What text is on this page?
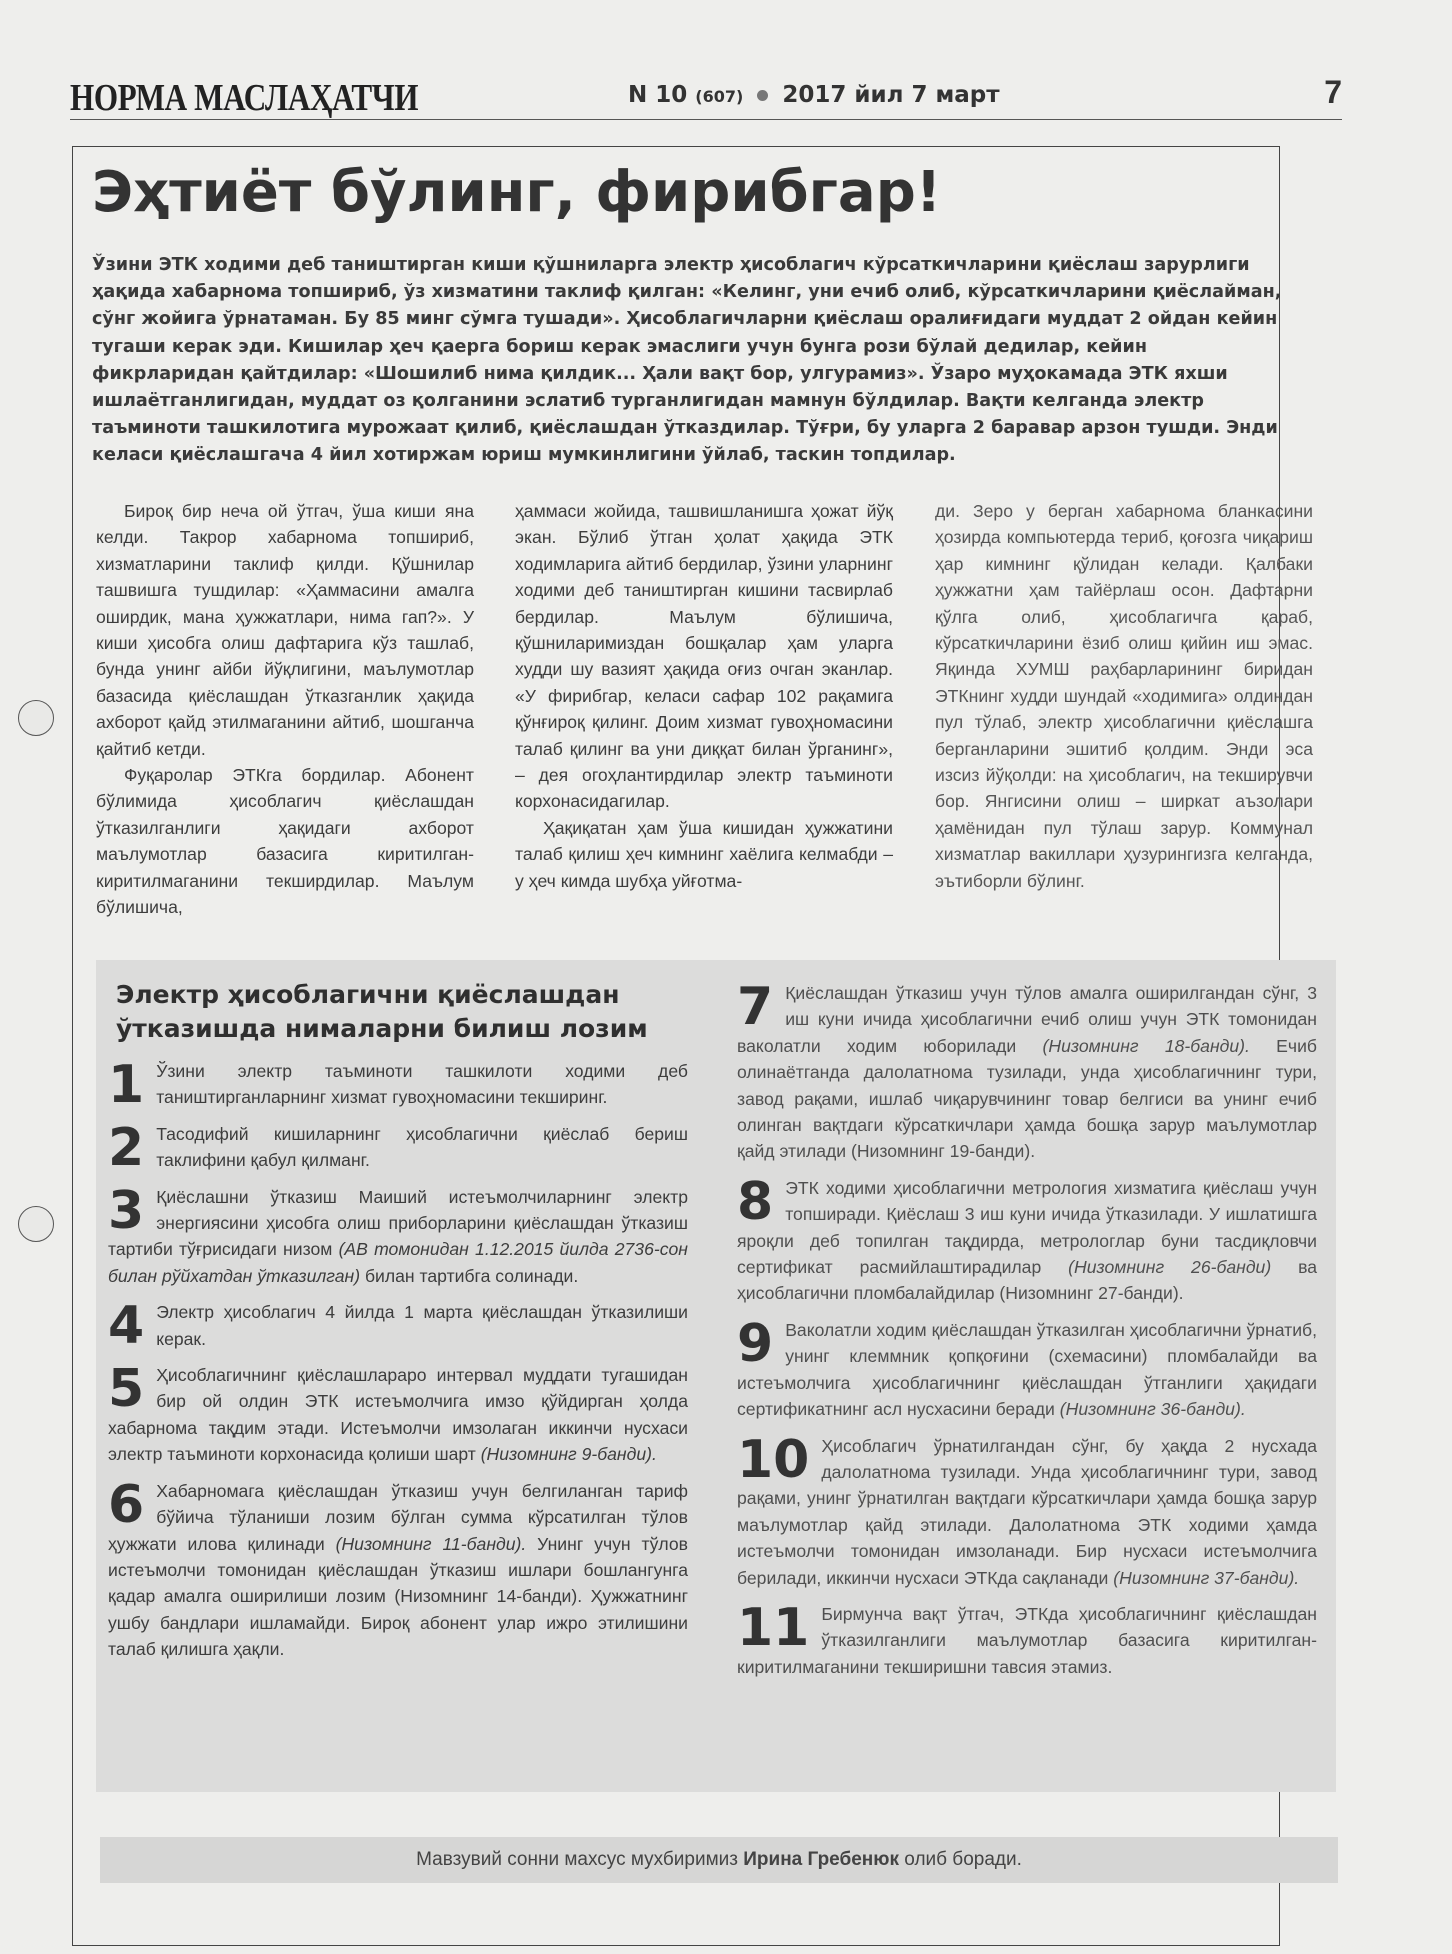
НОРМА МАСЛАҲАТЧИ	N 10 (607) 2017 йил 7 март	7
Эҳтиёт бўлинг, фирибгар!
Ўзини ЭТК ходими деб таништирган киши қўшниларга электр ҳисоблагич кўрсаткичларини қиёслаш зарурлиги ҳақида хабарнома топшириб, ўз хизматини таклиф қилган: «Келинг, уни ечиб олиб, кўрсаткичларини қиёслайман, сўнг жойига ўрнатаман. Бу 85 минг сўмга тушади». Ҳисоблагичларни қиёслаш оралиғидаги муддат 2 ойдан кейин тугаши керак эди. Кишилар ҳеч қаерга бориш керак эмаслиги учун бунга рози бўлай дедилар, кейин фикрларидан қайтдилар: «Шошилиб нима қилдик... Ҳали вақт бор, улгурамиз». Ўзаро муҳокамада ЭТК яхши ишлаётганлигидан, муддат оз қолганини эслатиб турганлигидан мамнун бўлдилар. Вақти келганда электр таъминоти ташкилотига мурожаат қилиб, қиёслашдан ўтказдилар. Тўғри, бу уларга 2 баравар арзон тушди. Энди келаси қиёслашгача 4 йил хотиржам юриш мумкинлигини ўйлаб, таскин топдилар.

Бироқ бир неча ой ўтгач, ўша киши яна келди. Такрор хабарнома топшириб, хизматларини таклиф қилди. Қўшнилар ташвишга тушдилар: «Ҳаммасини амалга оширдик, мана ҳужжатлари, нима гап?». У киши ҳисобга олиш дафтарига кўз ташлаб, бунда унинг айби йўқлигини, маълумотлар базасида қиёслашдан ўтказганлик ҳақида ахборот қайд этилмаганини айтиб, шошганча қайтиб кетди.

Фуқаролар ЭТКга бордилар. Абонент бўлимида ҳисоблагич қиёслашдан ўтказилганлиги ҳақидаги ахборот маълумотлар базасига киритилган-киритилмаганини текширдилар. Маълум бўлишича,

ҳаммаси жойида, ташвишланишга ҳожат йўқ экан. Бўлиб ўтган ҳолат ҳақида ЭТК ходимларига айтиб бердилар, ўзини уларнинг ходими деб таништирган кишини тасвирлаб бердилар. Маълум бўлишича, қўшниларимиздан бошқалар ҳам уларга худди шу вазият ҳақида оғиз очган эканлар. «У фирибгар, келаси сафар 102 рақамига қўнғироқ қилинг. Доим хизмат гувоҳномасини талаб қилинг ва уни диққат билан ўрганинг», – дея огоҳлантирдилар электр таъминоти корхонасидагилар.

Ҳақиқатан ҳам ўша кишидан ҳужжатини талаб қилиш ҳеч кимнинг хаёлига келмабди – у ҳеч кимда шубҳа уйғотма-

ди. Зеро у берган хабарнома бланкасини ҳозирда компьютерда териб, қоғозга чиқариш ҳар кимнинг қўлидан келади. Қалбаки ҳужжатни ҳам тайёрлаш осон. Дафтарни қўлга олиб, ҳисоблагичга қараб, кўрсаткичларини ёзиб олиш қийин иш эмас. Яқинда ХУМШ раҳбарларининг биридан ЭТКнинг худди шундай «ходимига» олдиндан пул тўлаб, электр ҳисоблагични қиёслашга берганларини эшитиб қолдим. Энди эса изсиз йўқолди: на ҳисоблагич, на текширувчи бор. Янгисини олиш – ширкат аъзолари ҳамёнидан пул тўлаш зарур. Коммунал хизматлар вакиллари ҳузурингизга келганда, эътиборли бўлинг.

Электр ҳисоблагични қиёслашдан ўтказишда нималарни билиш лозим
1 Ўзини электр таъминоти ташкилоти ходими деб таништирганларнинг хизмат гувоҳномасини текширинг.
2 Тасодифий кишиларнинг ҳисоблагични қиёслаб бериш таклифини қабул қилманг.
3 Қиёслашни ўтказиш Маиший истеъмолчиларнинг электр энергиясини ҳисобга олиш приборларини қиёслашдан ўтказиш тартиби тўғрисидаги низом (АВ томонидан 1.12.2015 йилда 2736-сон билан рўйхатдан ўтказилган) билан тартибга солинади.
4 Электр ҳисоблагич 4 йилда 1 марта қиёслашдан ўтказилиши керак.
5 Ҳисоблагичнинг қиёслашлараро интервал муддати тугашидан бир ой олдин ЭТК истеъмолчига имзо қўйдирган ҳолда хабарнома тақдим этади. Истеъмолчи имзолаган иккинчи нусхаси электр таъминоти корхонасида қолиши шарт (Низомнинг 9-банди).
6 Хабарномага қиёслашдан ўтказиш учун белгиланган тариф бўйича тўланиши лозим бўлган сумма кўрсатилган тўлов ҳужжати илова қилинади (Низомнинг 11-банди). Унинг учун тўлов истеъмолчи томонидан қиёслашдан ўтказиш ишлари бошлангунга қадар амалга оширилиши лозим (Низомнинг 14-банди). Ҳужжатнинг ушбу бандлари ишламайди. Бироқ абонент улар ижро этилишини талаб қилишга ҳақли.
7 Қиёслашдан ўтказиш учун тўлов амалга оширилгандан сўнг, 3 иш куни ичида ҳисоблагични ечиб олиш учун ЭТК томонидан ваколатли ходим юборилади (Низомнинг 18-банди). Ечиб олинаётганда далолатнома тузилади, унда ҳисоблагичнинг тури, завод рақами, ишлаб чиқарувчининг товар белгиси ва унинг ечиб олинган вақтдаги кўрсаткичлари ҳамда бошқа зарур маълумотлар қайд этилади (Низомнинг 19-банди).
8 ЭТК ходими ҳисоблагични метрология хизматига қиёслаш учун топширади. Қиёслаш 3 иш куни ичида ўтказилади. У ишлатишга яроқли деб топилган тақдирда, метрологлар буни тасдиқловчи сертификат расмийлаштирадилар (Низомнинг 26-банди) ва ҳисоблагични пломбалайдилар (Низомнинг 27-банди).
9 Ваколатли ходим қиёслашдан ўтказилган ҳисоблагични ўрнатиб, унинг клеммник қопқоғини (схемасини) пломбалайди ва истеъмолчига ҳисоблагичнинг қиёслашдан ўтганлиги ҳақидаги сертификатнинг асл нусхасини беради (Низомнинг 36-банди).
10 Ҳисоблагич ўрнатилгандан сўнг, бу ҳақда 2 нусхада далолатнома тузилади. Унда ҳисоблагичнинг тури, завод рақами, унинг ўрнатилган вақтдаги кўрсаткичлари ҳамда бошқа зарур маълумотлар қайд этилади. Далолатнома ЭТК ходими ҳамда истеъмолчи томонидан имзоланади. Бир нусхаси истеъмолчига берилади, иккинчи нусхаси ЭТКда сақланади (Низомнинг 37-банди).
11 Бирмунча вақт ўтгач, ЭТКда ҳисоблагичнинг қиёслашдан ўтказилганлиги маълумотлар базасига киритилган-киритилмаганини текширишни тавсия этамиз.
Мавзувий сонни махсус мухбиримиз Ирина Гребенюк олиб боради.
